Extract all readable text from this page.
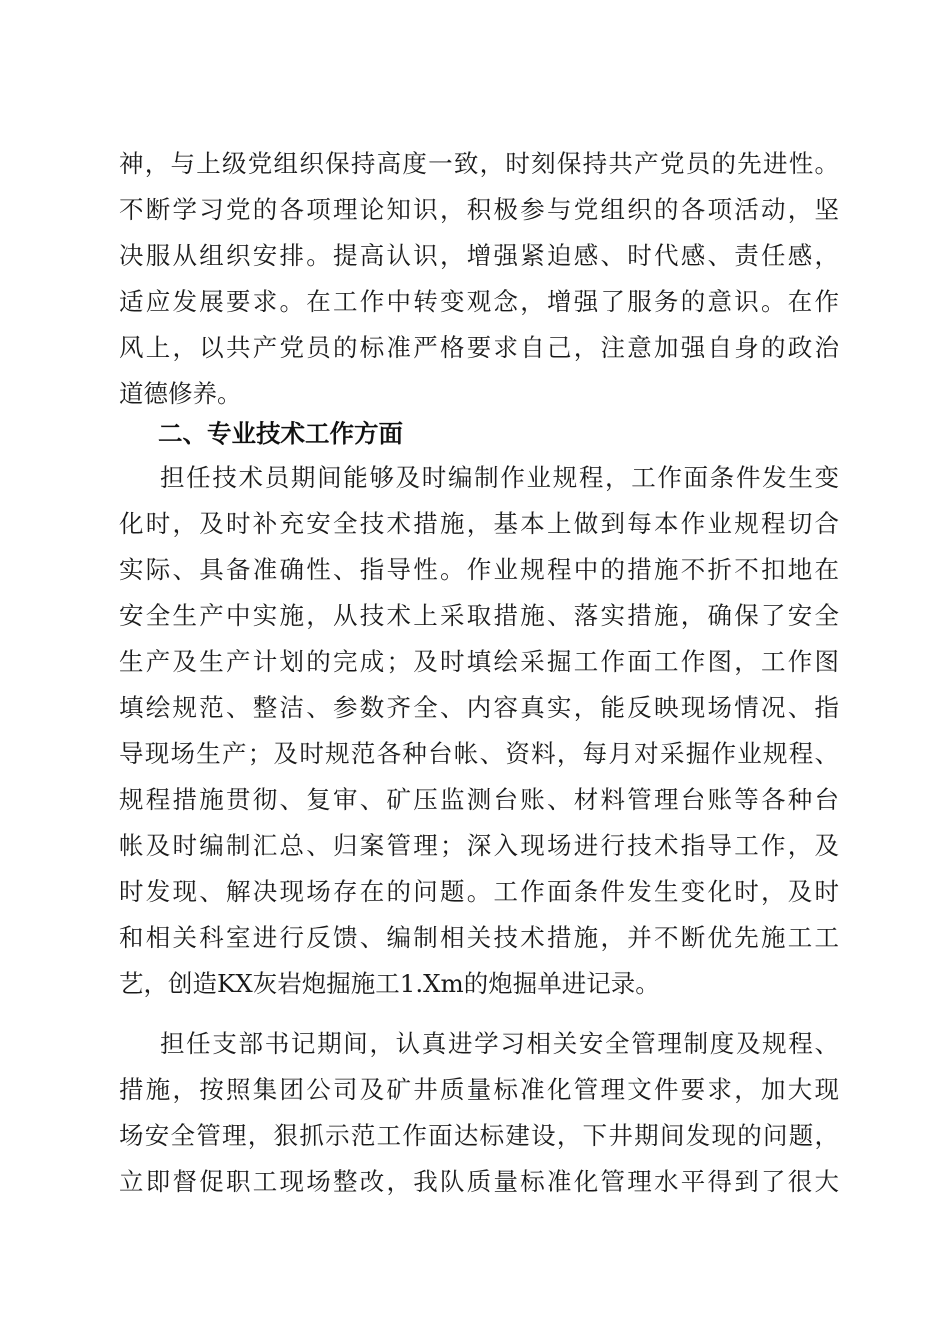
神，与上级党组织保持高度一致，时刻保持共产党员的先进性。
不断学习党的各项理论知识，积极参与党组织的各项活动，坚
决服从组织安排。提高认识，增强紧迫感、时代感、责任感，
适应发展要求。在工作中转变观念，增强了服务的意识。在作
风上，以共产党员的标准严格要求自己，注意加强自身的政治
道德修养。
二、专业技术工作方面
担任技术员期间能够及时编制作业规程，工作面条件发生变
化时，及时补充安全技术措施，基本上做到每本作业规程切合
实际、具备准确性、指导性。作业规程中的措施不折不扣地在
安全生产中实施，从技术上采取措施、落实措施，确保了安全
生产及生产计划的完成；及时填绘采掘工作面工作图，工作图
填绘规范、整洁、参数齐全、内容真实，能反映现场情况、指
导现场生产；及时规范各种台帐、资料，每月对采掘作业规程、
规程措施贯彻、复审、矿压监测台账、材料管理台账等各种台
帐及时编制汇总、归案管理；深入现场进行技术指导工作，及
时发现、解决现场存在的问题。工作面条件发生变化时，及时
和相关科室进行反馈、编制相关技术措施，并不断优先施工工
艺，创造KX灰岩炮掘施工1.Xm的炮掘单进记录。
担任支部书记期间，认真进学习相关安全管理制度及规程、
措施，按照集团公司及矿井质量标准化管理文件要求，加大现
场安全管理，狠抓示范工作面达标建设，下井期间发现的问题，
立即督促职工现场整改，我队质量标准化管理水平得到了很大
